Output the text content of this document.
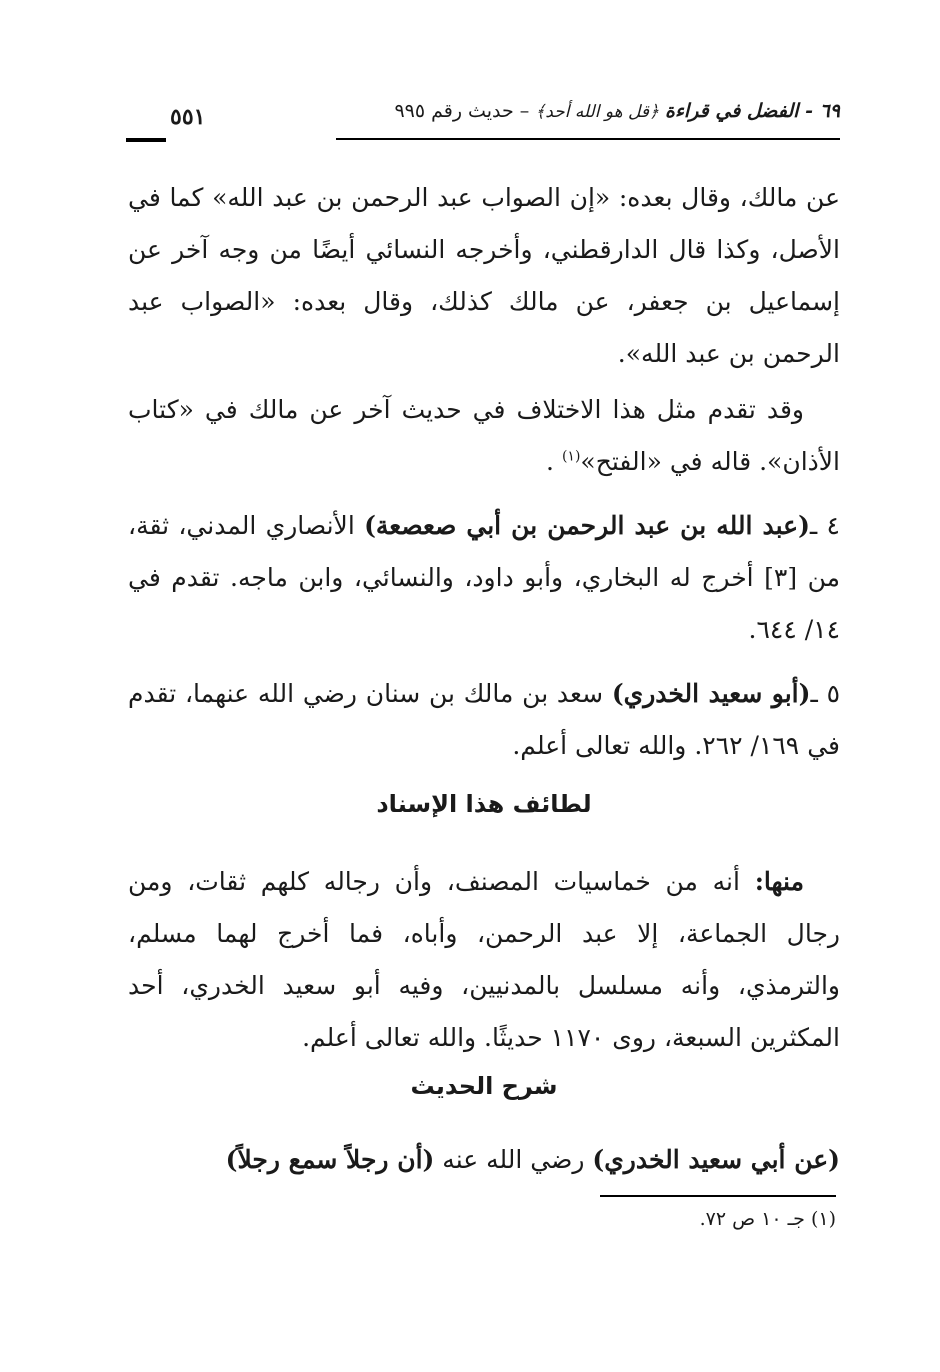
٦٩ - الفضل في قراءة ﴿قل هو الله أحد﴾ – حديث رقم ٩٩٥
٥٥١
عن مالك، وقال بعده: «إن الصواب عبد الرحمن بن عبد الله» كما في الأصل، وكذا قال الدارقطني، وأخرجه النسائي أيضًا من وجه آخر عن إسماعيل بن جعفر، عن مالك كذلك، وقال بعده: «الصواب عبد الرحمن بن عبد الله».
وقد تقدم مثل هذا الاختلاف في حديث آخر عن مالك في «كتاب الأذان». قاله في «الفتح»$^{(١)}$ .
٤ ـ(عبد الله بن عبد الرحمن بن أبي صعصعة) الأنصاري المدني، ثقة، من [٣] أخرج له البخاري، وأبو داود، والنسائي، وابن ماجه. تقدم في ١٤/ ٦٤٤.
٥ ـ(أبو سعيد الخدري) سعد بن مالك بن سنان رضي الله عنهما، تقدم في ١٦٩/ ٢٦٢. والله تعالى أعلم.
لطائف هذا الإسناد
منها: أنه من خماسيات المصنف، وأن رجاله كلهم ثقات، ومن رجال الجماعة، إلا عبد الرحمن، وأباه، فما أخرج لهما مسلم، والترمذي، وأنه مسلسل بالمدنيين، وفيه أبو سعيد الخدري، أحد المكثرين السبعة، روى ١١٧٠ حديثًا. والله تعالى أعلم.
شرح الحديث
(عن أبي سعيد الخدري) رضي الله عنه (أن رجلاً سمع رجلاً)
(١) جـ ١٠ ص ٧٢.
